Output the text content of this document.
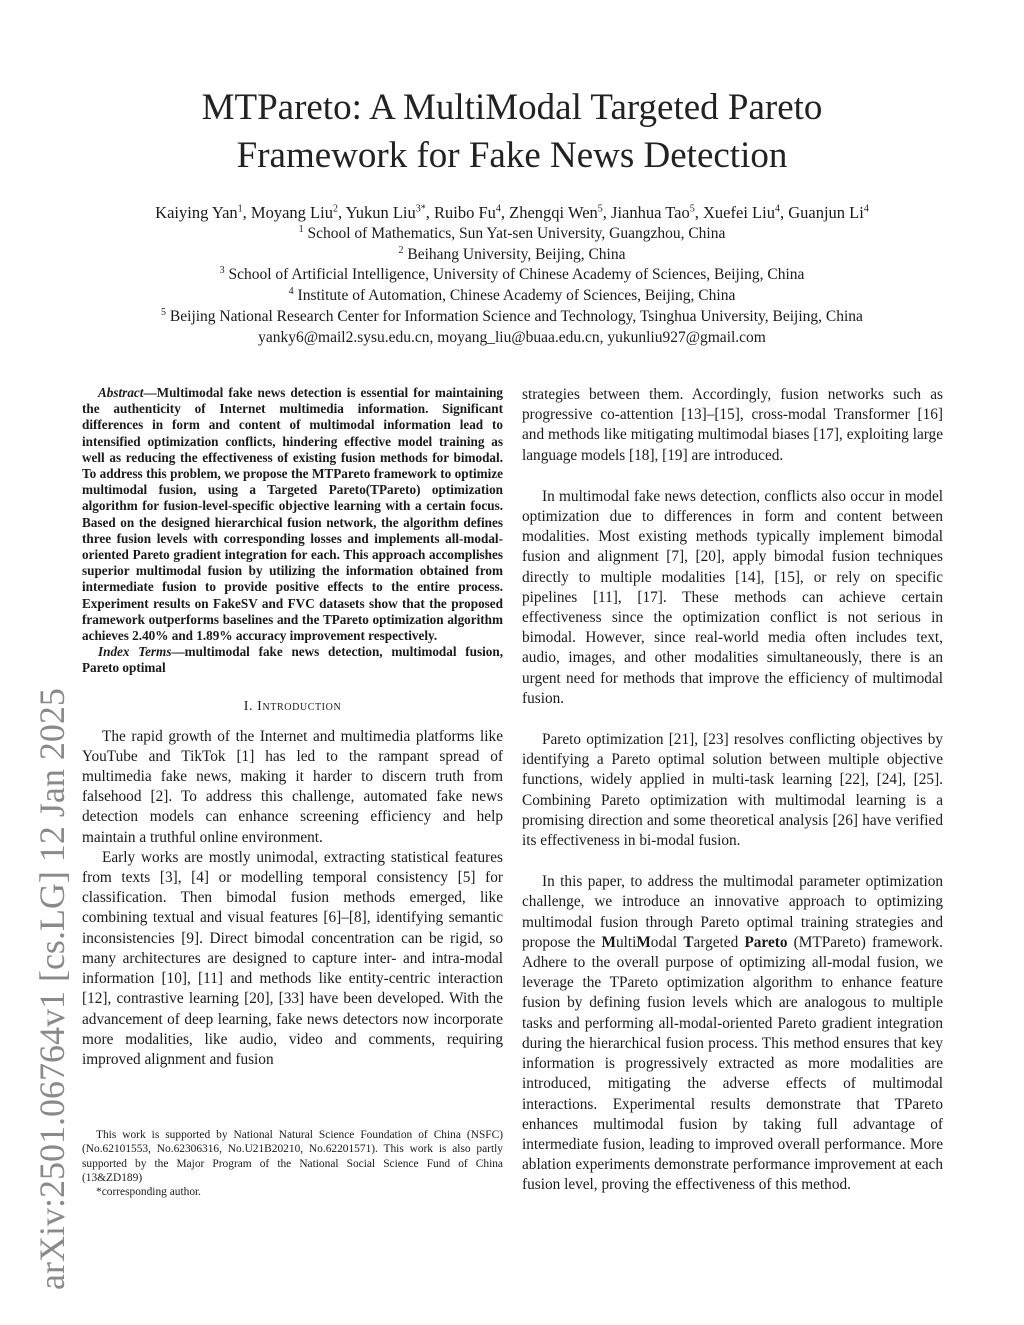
MTPareto: A MultiModal Targeted Pareto
Framework for Fake News Detection
Kaiying Yan$^1$, Moyang Liu$^2$, Yukun Liu$^{3*}$, Ruibo Fu$^4$, Zhengqi Wen$^5$, Jianhua Tao$^5$, Xuefei Liu$^4$, Guanjun Li$^4$
$^1$ School of Mathematics, Sun Yat-sen University, Guangzhou, China
$^2$ Beihang University, Beijing, China
$^3$ School of Artificial Intelligence, University of Chinese Academy of Sciences, Beijing, China
$^4$ Institute of Automation, Chinese Academy of Sciences, Beijing, China
$^5$ Beijing National Research Center for Information Science and Technology, Tsinghua University, Beijing, China
yanky6@mail2.sysu.edu.cn, moyang_liu@buaa.edu.cn, yukunliu927@gmail.com
arXiv:2501.06764v1 [cs.LG] 12 Jan 2025

Abstract—Multimodal fake news detection is essential for maintaining the authenticity of Internet multimedia information. Significant differences in form and content of multimodal information lead to intensified optimization conflicts, hindering effective model training as well as reducing the effectiveness of existing fusion methods for bimodal. To address this problem, we propose the MTPareto framework to optimize multimodal fusion, using a Targeted Pareto(TPareto) optimization algorithm for fusion-level-specific objective learning with a certain focus. Based on the designed hierarchical fusion network, the algorithm defines three fusion levels with corresponding losses and implements all-modal-oriented Pareto gradient integration for each. This approach accomplishes superior multimodal fusion by utilizing the information obtained from intermediate fusion to provide positive effects to the entire process. Experiment results on FakeSV and FVC datasets show that the proposed framework outperforms baselines and the TPareto optimization algorithm achieves 2.40% and 1.89% accuracy improvement respectively.

Index Terms—multimodal fake news detection, multimodal fusion, Pareto optimal

I. Introduction

The rapid growth of the Internet and multimedia platforms like YouTube and TikTok [1] has led to the rampant spread of multimedia fake news, making it harder to discern truth from falsehood [2]. To address this challenge, automated fake news detection models can enhance screening efficiency and help maintain a truthful online environment.

Early works are mostly unimodal, extracting statistical features from texts [3], [4] or modelling temporal consistency [5] for classification. Then bimodal fusion methods emerged, like combining textual and visual features [6]–[8], identifying semantic inconsistencies [9]. Direct bimodal concentration can be rigid, so many architectures are designed to capture inter- and intra-modal information [10], [11] and methods like entity-centric interaction [12], contrastive learning [20], [33] have been developed. With the advancement of deep learning, fake news detectors now incorporate more modalities, like audio, video and comments, requiring improved alignment and fusion

This work is supported by National Natural Science Foundation of China (NSFC) (No.62101553, No.62306316, No.U21B20210, No.62201571). This work is also partly supported by the Major Program of the National Social Science Fund of China (13&ZD189)

*corresponding author.

strategies between them. Accordingly, fusion networks such as progressive co-attention [13]–[15], cross-modal Transformer [16] and methods like mitigating multimodal biases [17], exploiting large language models [18], [19] are introduced.

In multimodal fake news detection, conflicts also occur in model optimization due to differences in form and content between modalities. Most existing methods typically implement bimodal fusion and alignment [7], [20], apply bimodal fusion techniques directly to multiple modalities [14], [15], or rely on specific pipelines [11], [17]. These methods can achieve certain effectiveness since the optimization conflict is not serious in bimodal. However, since real-world media often includes text, audio, images, and other modalities simultaneously, there is an urgent need for methods that improve the efficiency of multimodal fusion.

Pareto optimization [21], [23] resolves conflicting objectives by identifying a Pareto optimal solution between multiple objective functions, widely applied in multi-task learning [22], [24], [25]. Combining Pareto optimization with multimodal learning is a promising direction and some theoretical analysis [26] have verified its effectiveness in bi-modal fusion.

In this paper, to address the multimodal parameter optimization challenge, we introduce an innovative approach to optimizing multimodal fusion through Pareto optimal training strategies and propose the MultiModal Targeted Pareto (MTPareto) framework. Adhere to the overall purpose of optimizing all-modal fusion, we leverage the TPareto optimization algorithm to enhance feature fusion by defining fusion levels which are analogous to multiple tasks and performing all-modal-oriented Pareto gradient integration during the hierarchical fusion process. This method ensures that key information is progressively extracted as more modalities are introduced, mitigating the adverse effects of multimodal interactions. Experimental results demonstrate that TPareto enhances multimodal fusion by taking full advantage of intermediate fusion, leading to improved overall performance. More ablation experiments demonstrate performance improvement at each fusion level, proving the effectiveness of this method.
